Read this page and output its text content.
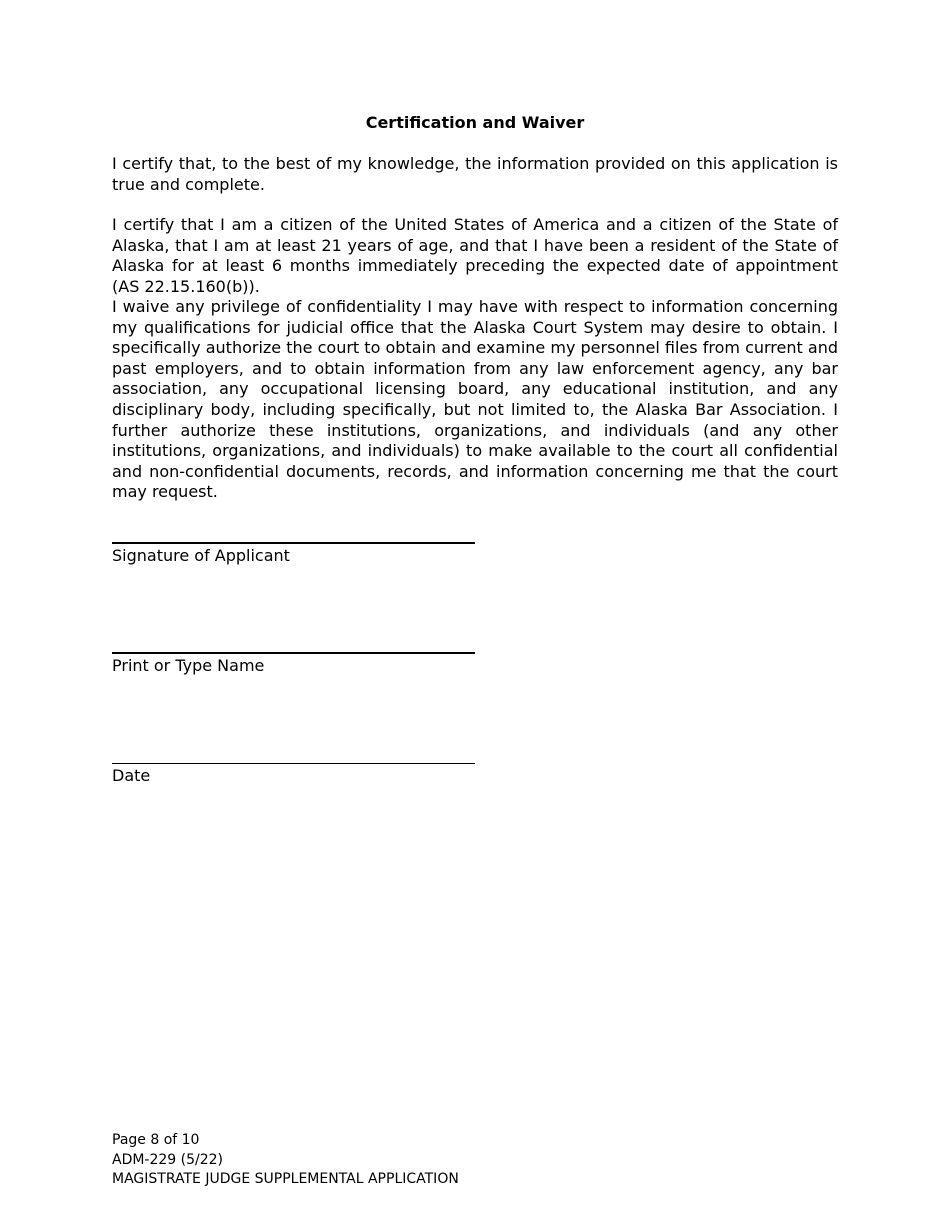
Certification and Waiver

I certify that, to the best of my knowledge, the information provided on this application is true and complete.

I certify that I am a citizen of the United States of America and a citizen of the State of Alaska, that I am at least 21 years of age, and that I have been a resident of the State of Alaska for at least 6 months immediately preceding the expected date of appointment (AS 22.15.160(b)).

I waive any privilege of confidentiality I may have with respect to information concerning my qualifications for judicial office that the Alaska Court System may desire to obtain. I specifically authorize the court to obtain and examine my personnel files from current and past employers, and to obtain information from any law enforcement agency, any bar association, any occupational licensing board, any educational institution, and any disciplinary body, including specifically, but not limited to, the Alaska Bar Association. I further authorize these institutions, organizations, and individuals (and any other institutions, organizations, and individuals) to make available to the court all confidential and non-confidential documents, records, and information concerning me that the court may request.

Signature of Applicant
Print or Type Name
Date
Page 8 of 10
ADM-229 (5/22)
MAGISTRATE JUDGE SUPPLEMENTAL APPLICATION
